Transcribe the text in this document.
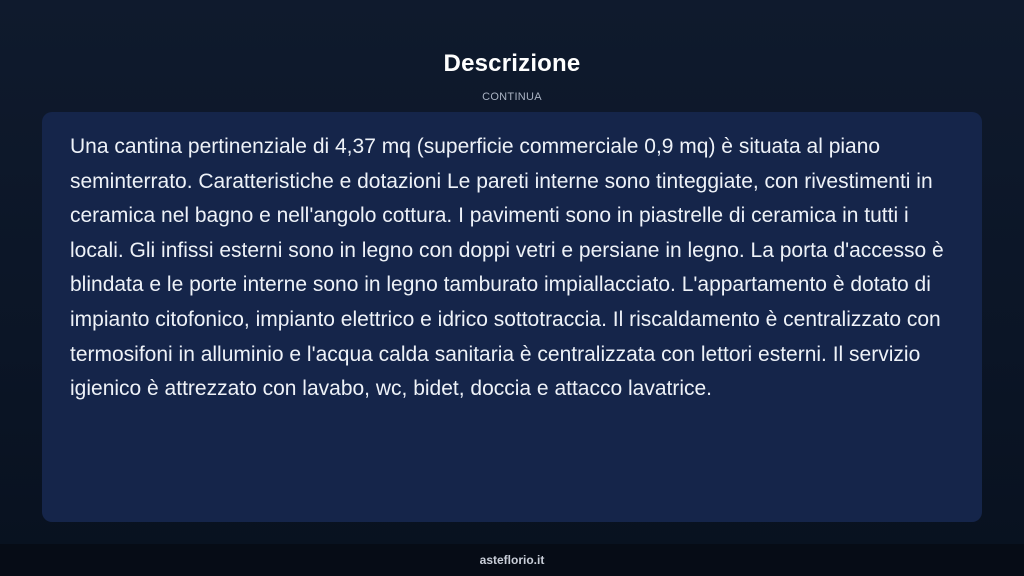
Descrizione
CONTINUA

Una cantina pertinenziale di 4,37 mq (superficie commerciale 0,9 mq) è situata al piano seminterrato. Caratteristiche e dotazioni Le pareti interne sono tinteggiate, con rivestimenti in ceramica nel bagno e nell'angolo cottura. I pavimenti sono in piastrelle di ceramica in tutti i locali. Gli infissi esterni sono in legno con doppi vetri e persiane in legno. La porta d'accesso è blindata e le porte interne sono in legno tamburato impiallacciato. L'appartamento è dotato di impianto citofonico, impianto elettrico e idrico sottotraccia. Il riscaldamento è centralizzato con termosifoni in alluminio e l'acqua calda sanitaria è centralizzata con lettori esterni. Il servizio igienico è attrezzato con lavabo, wc, bidet, doccia e attacco lavatrice.

asteflorio.it
